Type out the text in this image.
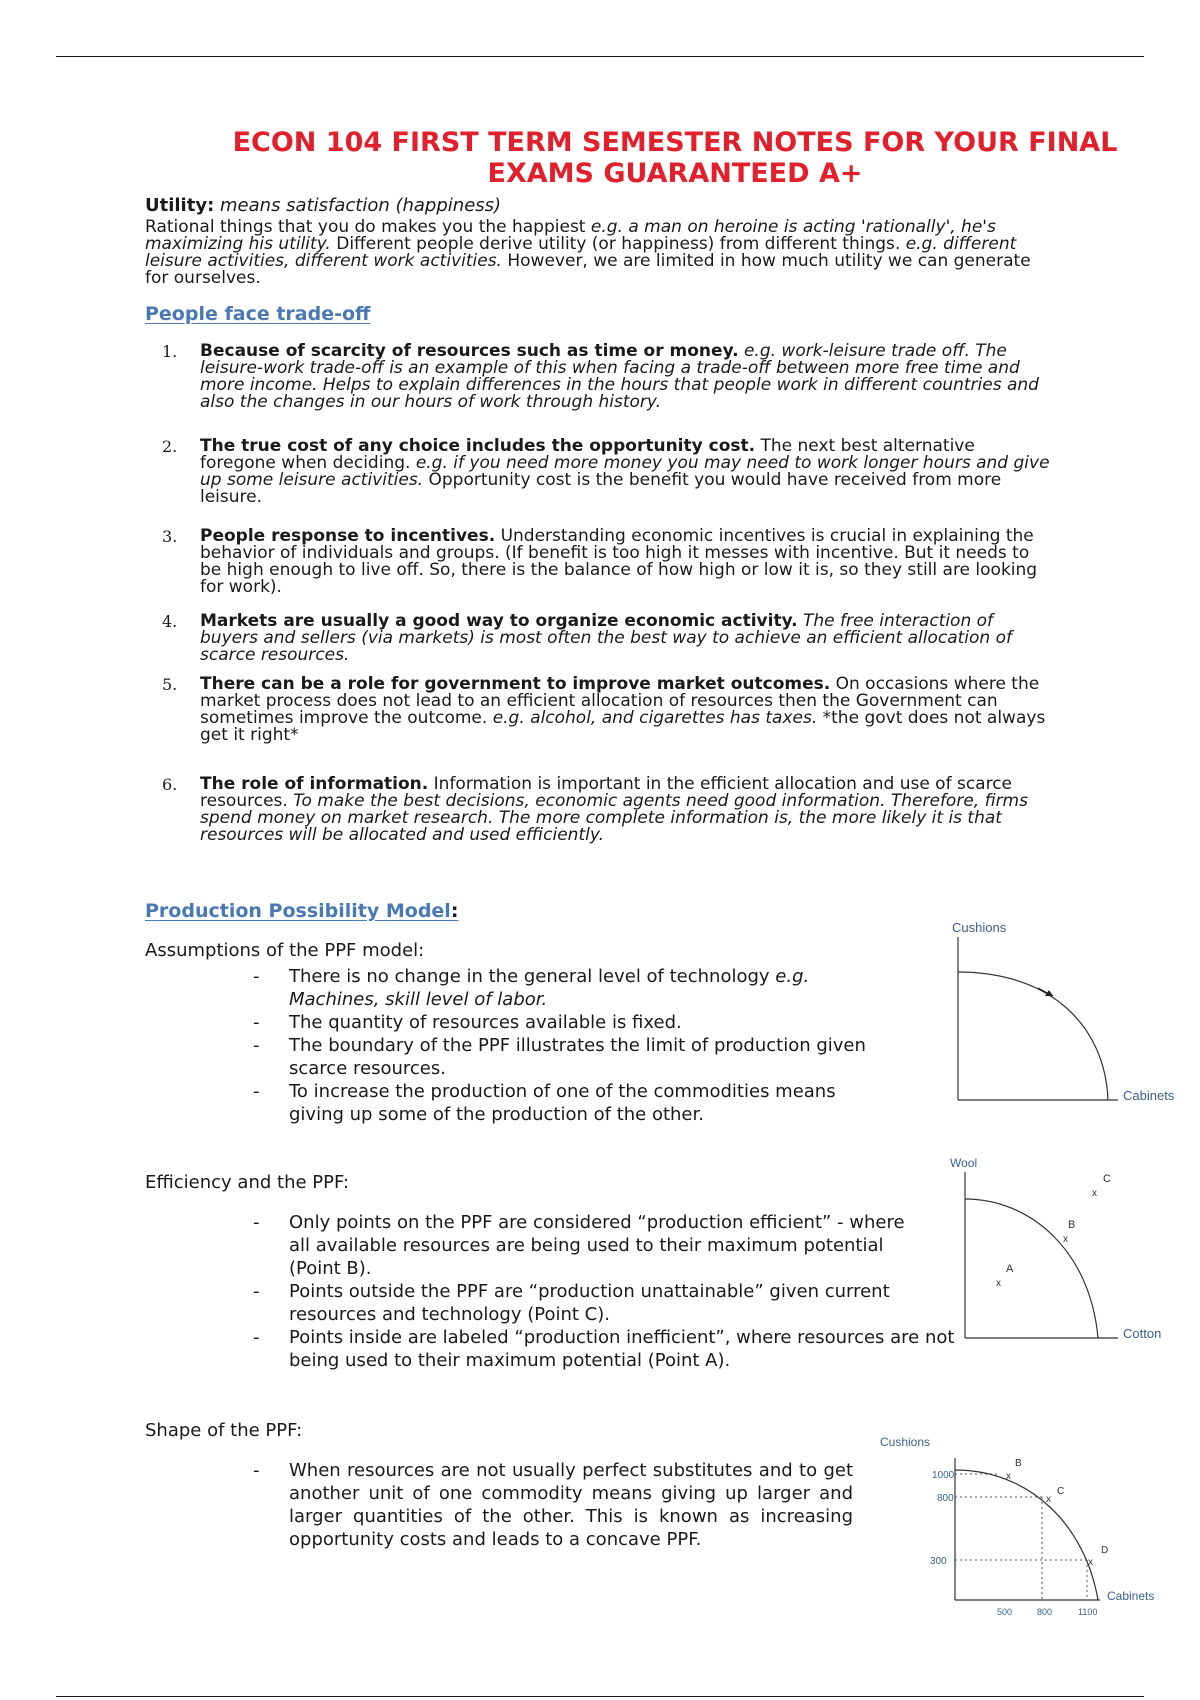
ECON 104 FIRST TERM SEMESTER NOTES FOR YOUR FINAL EXAMS GUARANTEED A+
Utility: means satisfaction (happiness)
Rational things that you do makes you the happiest e.g. a man on heroine is acting 'rationally', he's maximizing his utility. Different people derive utility (or happiness) from different things. e.g. different leisure activities, different work activities. However, we are limited in how much utility we can generate for ourselves.
People face trade-off
1. Because of scarcity of resources such as time or money. e.g. work-leisure trade off. The leisure-work trade-off is an example of this when facing a trade-off between more free time and more income. Helps to explain differences in the hours that people work in different countries and also the changes in our hours of work through history.
2. The true cost of any choice includes the opportunity cost. The next best alternative foregone when deciding. e.g. if you need more money you may need to work longer hours and give up some leisure activities. Opportunity cost is the benefit you would have received from more leisure.
3. People response to incentives. Understanding economic incentives is crucial in explaining the behavior of individuals and groups. (If benefit is too high it messes with incentive. But it needs to be high enough to live off. So, there is the balance of how high or low it is, so they still are looking for work).
4. Markets are usually a good way to organize economic activity. The free interaction of buyers and sellers (via markets) is most often the best way to achieve an efficient allocation of scarce resources.
5. There can be a role for government to improve market outcomes. On occasions where the market process does not lead to an efficient allocation of resources then the Government can sometimes improve the outcome. e.g. alcohol, and cigarettes has taxes. *the govt does not always get it right*
6. The role of information. Information is important in the efficient allocation and use of scarce resources. To make the best decisions, economic agents need good information. Therefore, firms spend money on market research. The more complete information is, the more likely it is that resources will be allocated and used efficiently.
Production Possibility Model:
Assumptions of the PPF model:
- There is no change in the general level of technology e.g. Machines, skill level of labor.
- The quantity of resources available is fixed.
- The boundary of the PPF illustrates the limit of production given scarce resources.
- To increase the production of one of the commodities means giving up some of the production of the other.
Efficiency and the PPF:
- Only points on the PPF are considered “production efficient” - where all available resources are being used to their maximum potential (Point B).
- Points outside the PPF are “production unattainable” given current resources and technology (Point C).
- Points inside are labeled “production inefficient”, where resources are not being used to their maximum potential (Point A).
Shape of the PPF:
- When resources are not usually perfect substitutes and to get another unit of one commodity means giving up larger and larger quantities of the other. This is known as increasing opportunity costs and leads to a concave PPF.
Cushions
Cabinets
Wool
Cotton
A
x
B
x
C
x
Cushions
Cabinets
1000
800
300
500	800	1100
B
x
C
x
D
x
